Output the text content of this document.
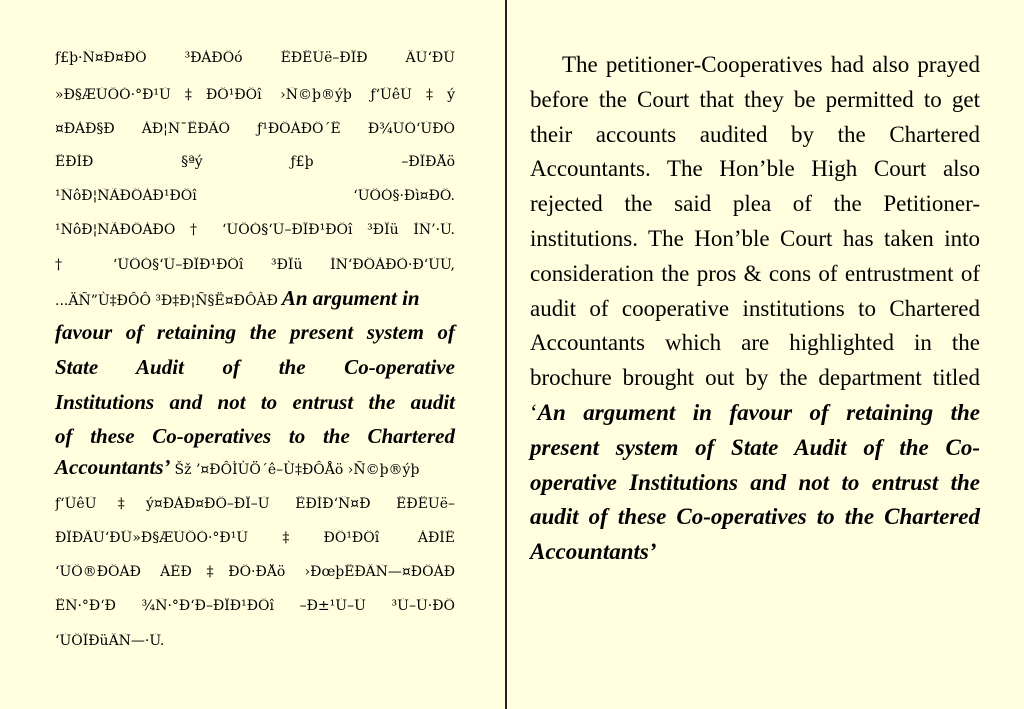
ƒ£þ·Ñ¤Ð¤ÐÔ ³ÐÀÐÔó ÊÐÊÙë–ÐÎÐ ÄÙ‘ÐÜ
»Ð§ÆÙÖÓ·°Ð¹Ù‡ÐÔ¹ÐÔî ›Ñ©þ®ýþ ƒ‘ÛêÙ‡ý
¤ÐÀÐ§Ð ÀÐ¦Ñ¯ÊÐÃÔ ƒ¹ÐÔÀÐÔ´Ê Ð¾ÙÓ‘ÙÐÖ
ÊÐÌÐ §ªý ƒ£þ –ÐÎÐÅö
¹ÑôÐ¦ÑÃÐÔÀÐ¹ÐÔî ‘ÙÖÓ§·Ðì¤ÐÔ.
¹ÑôÐ¦ÑÃÐÔÀÐÕ † ‘ÙÖÓ§‘Ù–ÐÎÐ¹ÐÔî ³ÐÏü ÌÑ’·Ù.
† ‘ÙÖÓ§‘Ù–ÐÎÐ¹ÐÔî ³ÐÏü ÌÑ‘ÐÔÀÐÕ·Ð‘ÙÙ,
...ÄÑ”Ù‡ÐÔÔ ³Ð‡Ð¦Ñ§Ë¤ÐÔÀÐ An argument in
favour of retaining the present system of
State Audit of the Co-operative
Institutions and not to entrust the audit
of these Co-operatives to the Chartered
Accountants’ Šž ’¤ÐÔÌÙÖ´ê–Ù‡ÐÔÅö ›Ñ©þ®ýþ
ƒ‘ÛêÙ‡ý¤ÐÀÐ¤ÐÔ–ÐÏ–Ù ÊÐÌÐ‘Ñ¤Ð ÊÐÊÙë–
ÐÎÐÄÙ‘ÐÜ»Ð§ÆÙÖÓ·°Ð¹Ù‡ÐÔ¹ÐÔî ÀÐÍË
‘ÙÖ®ÐÔÀÐ ÁÈÐ‡ÐÔ·ÐÅö ›ÐœþÊÐÄÑ—¤ÐÔÀÐ
ÊÑ·°Ð‘Ð ¾Ñ·°Ð‘Ð–ÐÎÐ¹ÐÔî –Ð±¹Ù–Ù ³Ù–Ù·ÐÔ
‘ÙÖÎÐüÄÑ—·Ù.
The petitioner-Cooperatives had also prayed before the Court that they be permitted to get their accounts audited by the Chartered Accountants. The Hon’ble High Court also rejected the said plea of the Petitioner-institutions. The Hon’ble Court has taken into consideration the pros & cons of entrustment of audit of cooperative institutions to Chartered Accountants which are highlighted in the brochure brought out by the department titled ‘An argument in favour of retaining the present system of State Audit of the Co-operative Institutions and not to entrust the audit of these Co-operatives to the Chartered Accountants’
